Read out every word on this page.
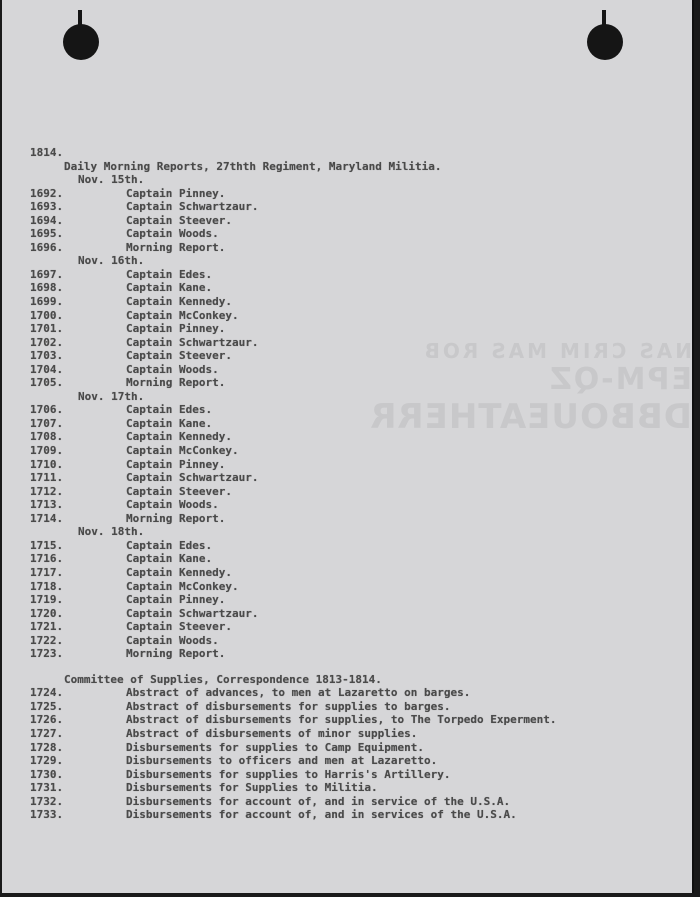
NAS CRIM MAS ROB
EPM-QZ
DBBOUEATHERR
1814.
Daily Morning Reports, 27thth Regiment, Maryland Militia.
Nov. 15th.
1692.	Captain Pinney.
1693.	Captain Schwartzaur.
1694.	Captain Steever.
1695.	Captain Woods.
1696.	Morning Report.
Nov. 16th.
1697.	Captain Edes.
1698.	Captain Kane.
1699.	Captain Kennedy.
1700.	Captain McConkey.
1701.	Captain Pinney.
1702.	Captain Schwartzaur.
1703.	Captain Steever.
1704.	Captain Woods.
1705.	Morning Report.
Nov. 17th.
1706.	Captain Edes.
1707.	Captain Kane.
1708.	Captain Kennedy.
1709.	Captain McConkey.
1710.	Captain Pinney.
1711.	Captain Schwartzaur.
1712.	Captain Steever.
1713.	Captain Woods.
1714.	Morning Report.
Nov. 18th.
1715.	Captain Edes.
1716.	Captain Kane.
1717.	Captain Kennedy.
1718.	Captain McConkey.
1719.	Captain Pinney.
1720.	Captain Schwartzaur.
1721.	Captain Steever.
1722.	Captain Woods.
1723.	Morning Report.
Committee of Supplies, Correspondence 1813-1814.
1724.	Abstract of advances, to men at Lazaretto on barges.
1725.	Abstract of disbursements for supplies to barges.
1726.	Abstract of disbursements for supplies, to The Torpedo Experment.
1727.	Abstract of disbursements of minor supplies.
1728.	Disbursements for supplies to Camp Equipment.
1729.	Disbursements to officers and men at Lazaretto.
1730.	Disbursements for supplies to Harris's Artillery.
1731.	Disbursements for Supplies to Militia.
1732.	Disbursements for account of, and in service of the U.S.A.
1733.	Disbursements for account of, and in services of the U.S.A.
